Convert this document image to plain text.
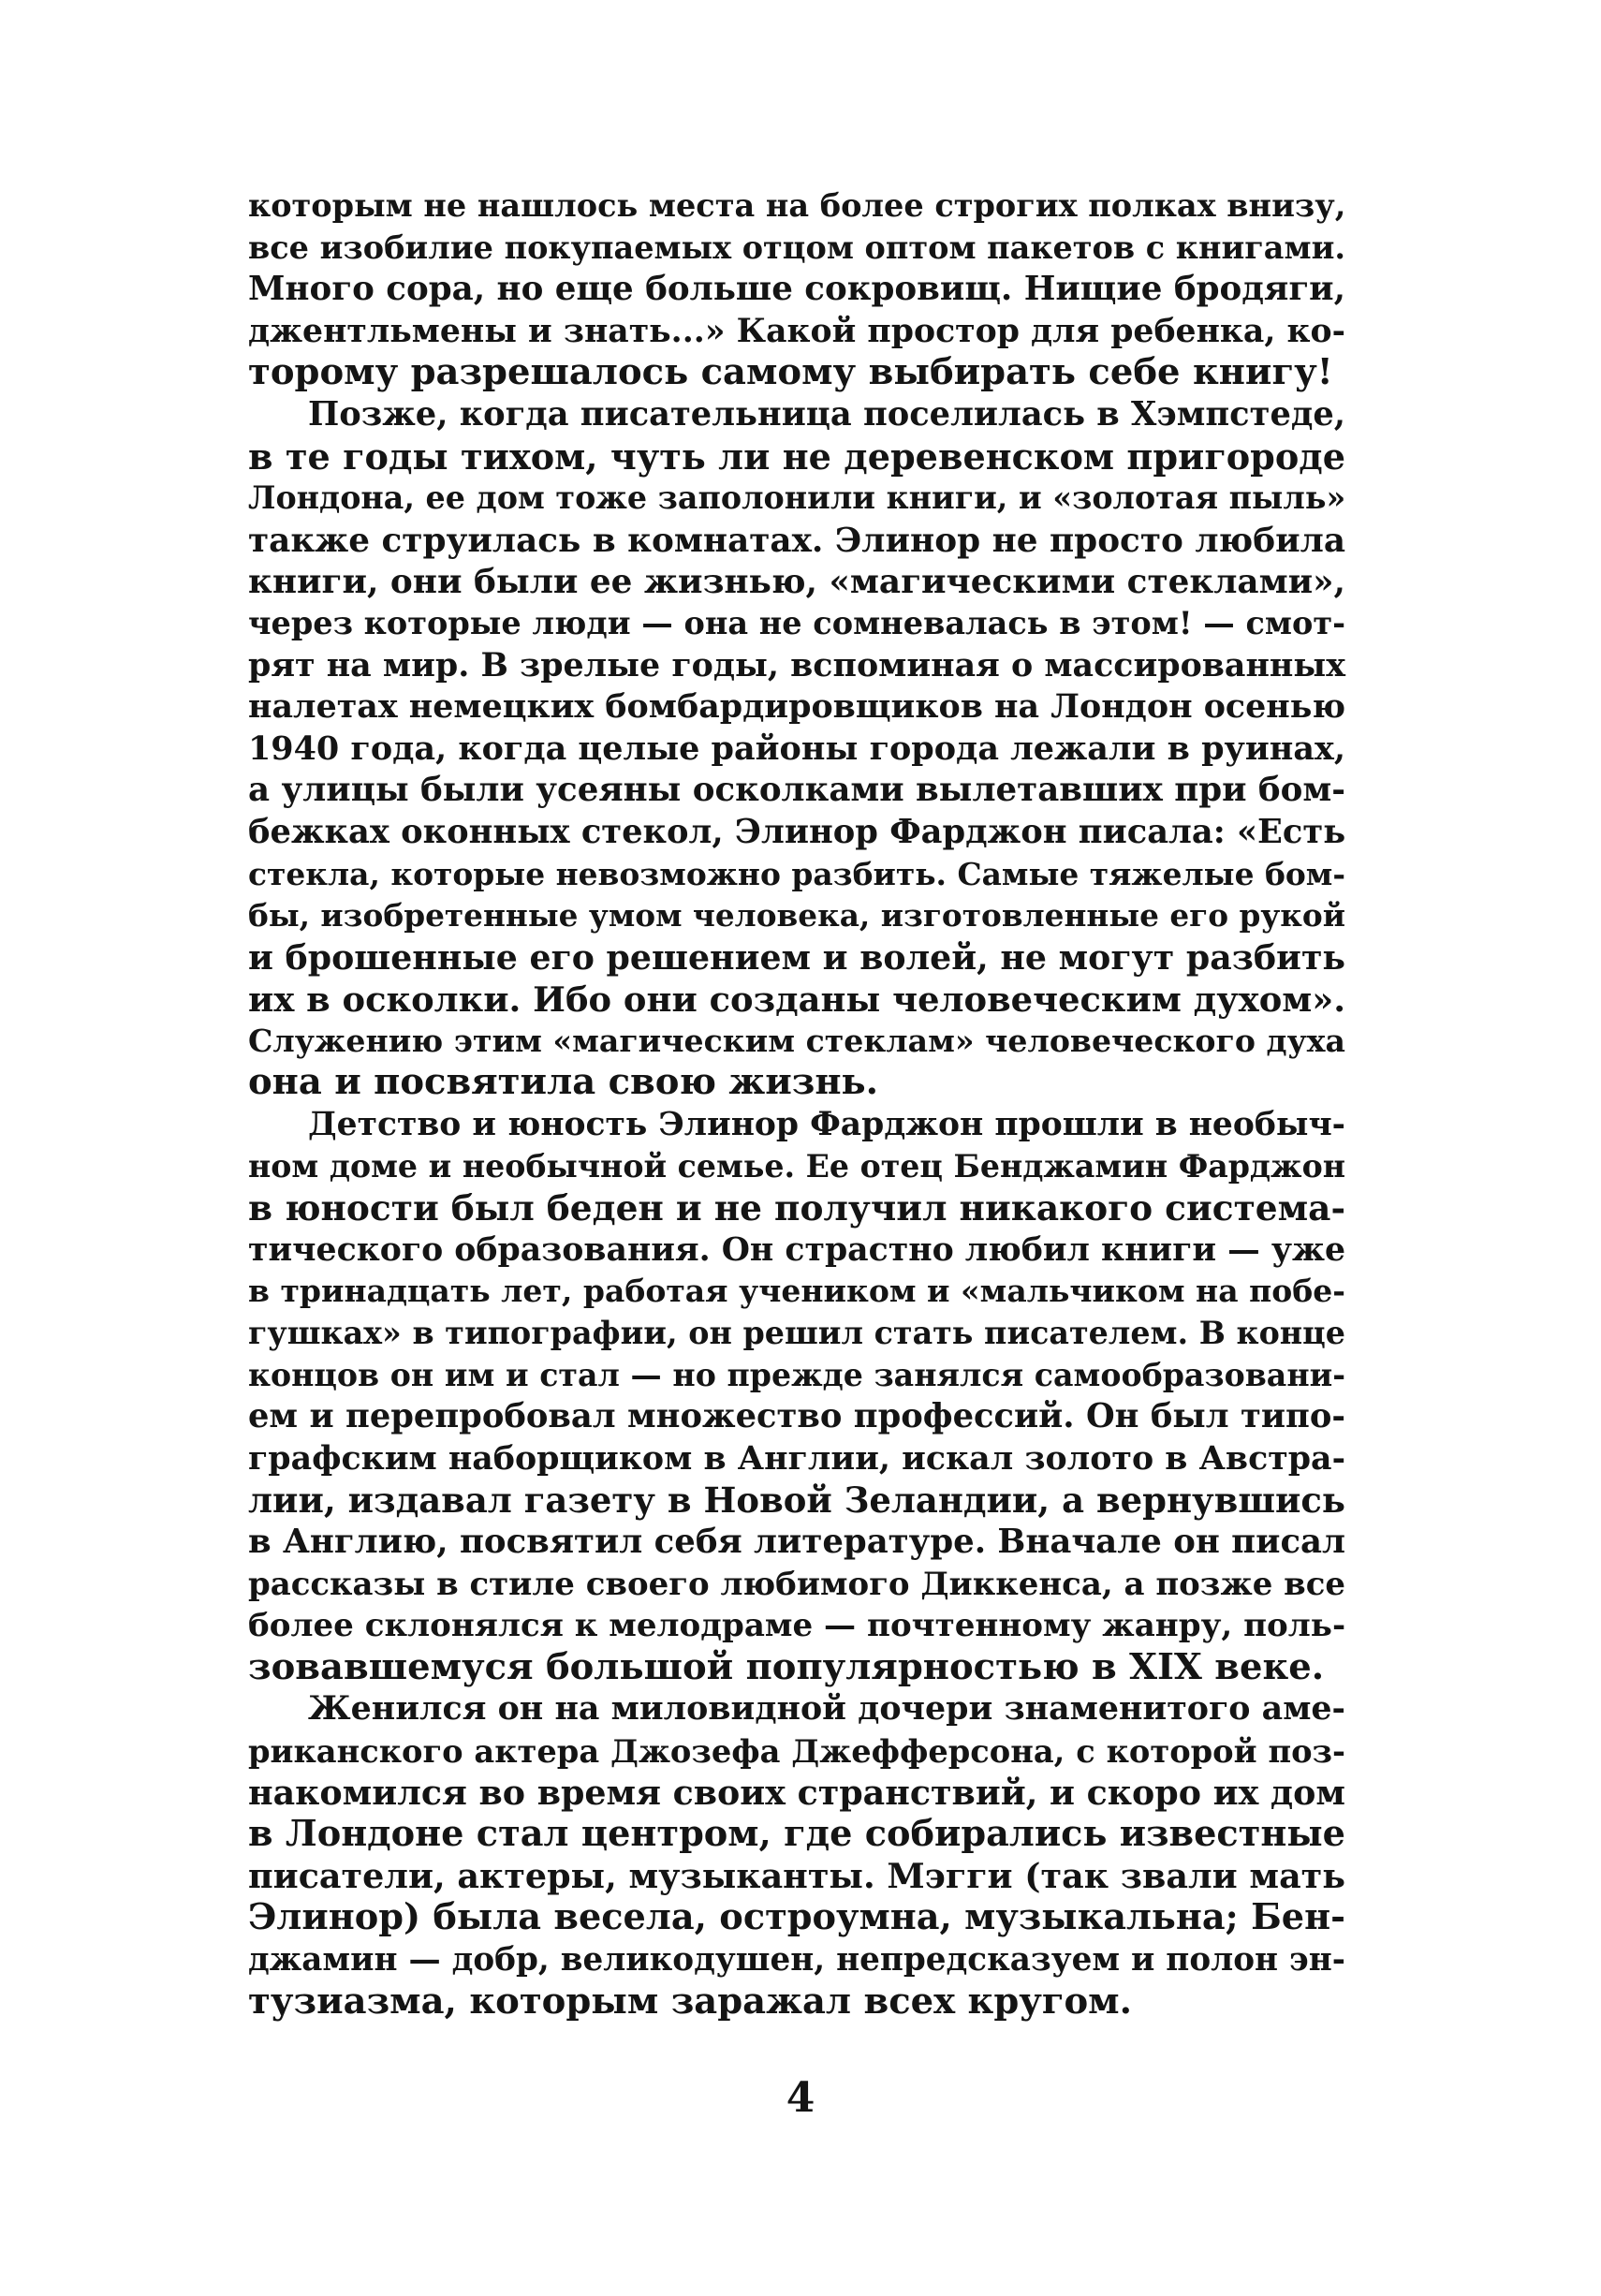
которым не нашлось места на более строгих полках внизу,
все изобилие покупаемых отцом оптом пакетов с книгами.
Много сора, но еще больше сокровищ. Нищие бродяги,
джентльмены и знать...» Какой простор для ребенка, ко-
торому разрешалось самому выбирать себе книгу!
Позже, когда писательница поселилась в Хэмпстеде,
в те годы тихом, чуть ли не деревенском пригороде
Лондона, ее дом тоже заполонили книги, и «золотая пыль»
также струилась в комнатах. Элинор не просто любила
книги, они были ее жизнью, «магическими стеклами»,
через которые люди — она не сомневалась в этом! — смот-
рят на мир. В зрелые годы, вспоминая о массированных
налетах немецких бомбардировщиков на Лондон осенью
1940 года, когда целые районы города лежали в руинах,
а улицы были усеяны осколками вылетавших при бом-
бежках оконных стекол, Элинор Фарджон писала: «Есть
стекла, которые невозможно разбить. Самые тяжелые бом-
бы, изобретенные умом человека, изготовленные его рукой
и брошенные его решением и волей, не могут разбить
их в осколки. Ибо они созданы человеческим духом».
Служению этим «магическим стеклам» человеческого духа
она и посвятила свою жизнь.
Детство и юность Элинор Фарджон прошли в необыч-
ном доме и необычной семье. Ее отец Бенджамин Фарджон
в юности был беден и не получил никакого система-
тического образования. Он страстно любил книги — уже
в тринадцать лет, работая учеником и «мальчиком на побе-
гушках» в типографии, он решил стать писателем. В конце
концов он им и стал — но прежде занялся самообразовани-
ем и перепробовал множество профессий. Он был типо-
графским наборщиком в Англии, искал золото в Австра-
лии, издавал газету в Новой Зеландии, а вернувшись
в Англию, посвятил себя литературе. Вначале он писал
рассказы в стиле своего любимого Диккенса, а позже все
более склонялся к мелодраме — почтенному жанру, поль-
зовавшемуся большой популярностью в XIX веке.
Женился он на миловидной дочери знаменитого аме-
риканского актера Джозефа Джефферсона, с которой поз-
накомился во время своих странствий, и скоро их дом
в Лондоне стал центром, где собирались известные
писатели, актеры, музыканты. Мэгги (так звали мать
Элинор) была весела, остроумна, музыкальна; Бен-
джамин — добр, великодушен, непредсказуем и полон эн-
тузиазма, которым заражал всех кругом.
4
